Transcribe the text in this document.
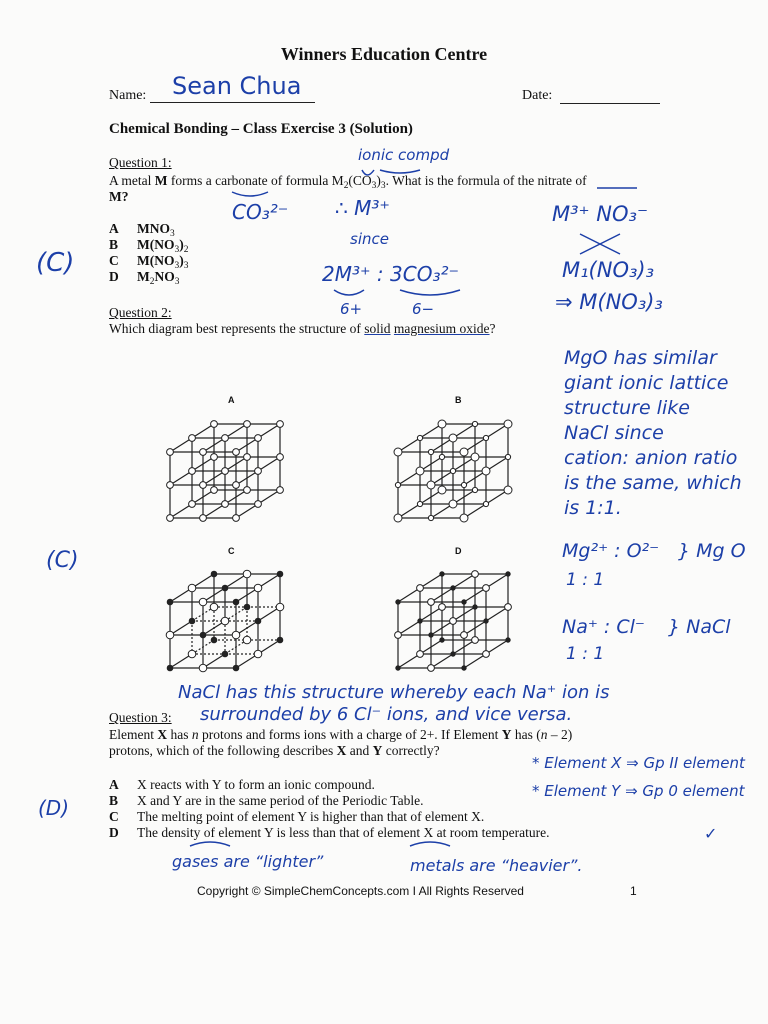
Winners Education Centre
Name: Sean Chua	Date:
Chemical Bonding – Class Exercise 3 (Solution)
Question 1:
A metal M forms a carbonate of formula $M_2(CO_3)_3$. What is the formula of the nitrate of
M?
A $MNO_3$
B $M(NO_3)_2$
C $M(NO_3)_3$
D $M_2NO_3$
(C)
ionic compd
CO₃²⁻ ∴ M³⁺
since
2M³⁺ : 3CO₃²⁻
6+	6−
M³⁺ NO₃⁻
M₁(NO₃)₃
⇒ M(NO₃)₃
Question 2:
Which diagram best represents the structure of solid magnesium oxide?
A	B
C	D
(C)
MgO has similar
giant ionic lattice
structure like
NaCl since
cation: anion ratio
is the same, which
is 1:1.
Mg²⁺ : O²⁻ } Mg O
1 : 1
Na⁺ : Cl⁻ } NaCl
1 : 1
NaCl has this structure whereby each Na⁺ ion is
surrounded by 6 Cl⁻ ions, and vice versa.
Question 3:
Element X has n protons and forms ions with a charge of 2+. If Element Y has (n – 2)
protons, which of the following describes X and Y correctly?
A X reacts with Y to form an ionic compound.
B X and Y are in the same period of the Periodic Table.
C The melting point of element Y is higher than that of element X.
D The density of element Y is less than that of element X at room temperature.
(D)
* Element X ⇒ Gp II element
* Element Y ⇒ Gp 0 element
✓
gases are “lighter”	metals are “heavier”.
Copyright © SimpleChemConcepts.com I All Rights Reserved	1
